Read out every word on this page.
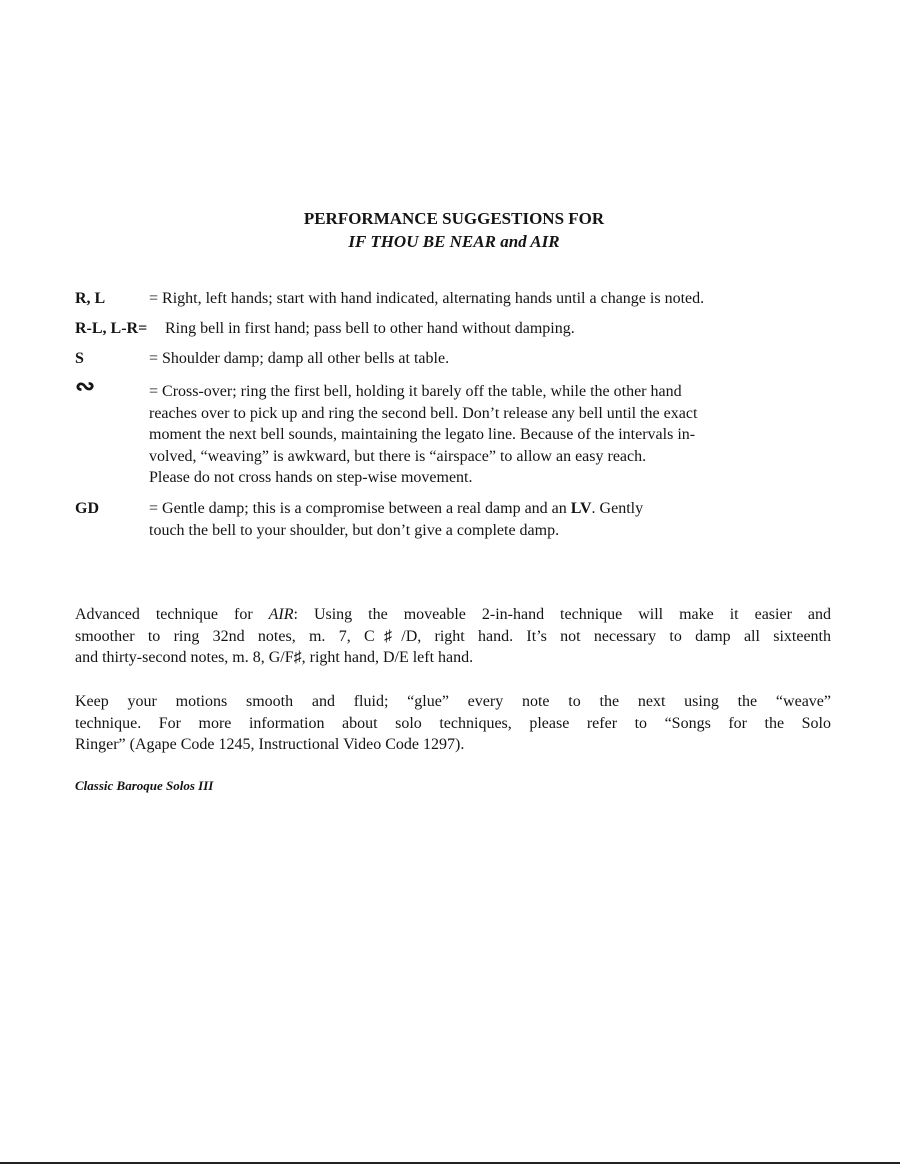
PERFORMANCE SUGGESTIONS FOR
IF THOU BE NEAR and AIR
R, L	= Right, left hands; start with hand indicated, alternating hands until a change is noted.
R-L, L-R= Ring bell in first hand; pass bell to other hand without damping.
S	= Shoulder damp; damp all other bells at table.
∾	= Cross-over; ring the first bell, holding it barely off the table, while the other hand
reaches over to pick up and ring the second bell. Don’t release any bell until the exact
moment the next bell sounds, maintaining the legato line. Because of the intervals in-
volved, “weaving” is awkward, but there is “airspace” to allow an easy reach.
Please do not cross hands on step-wise movement.
GD	= Gentle damp; this is a compromise between a real damp and an LV. Gently
touch the bell to your shoulder, but don’t give a complete damp.
Advanced technique for AIR: Using the moveable 2-in-hand technique will make it easier and
smoother to ring 32nd notes, m. 7, C♯/D, right hand. It’s not necessary to damp all sixteenth
and thirty-second notes, m. 8, G/F♯, right hand, D/E left hand.
Keep your motions smooth and fluid; “glue” every note to the next using the “weave”
technique. For more information about solo techniques, please refer to “Songs for the Solo
Ringer” (Agape Code 1245, Instructional Video Code 1297).
Classic Baroque Solos III
